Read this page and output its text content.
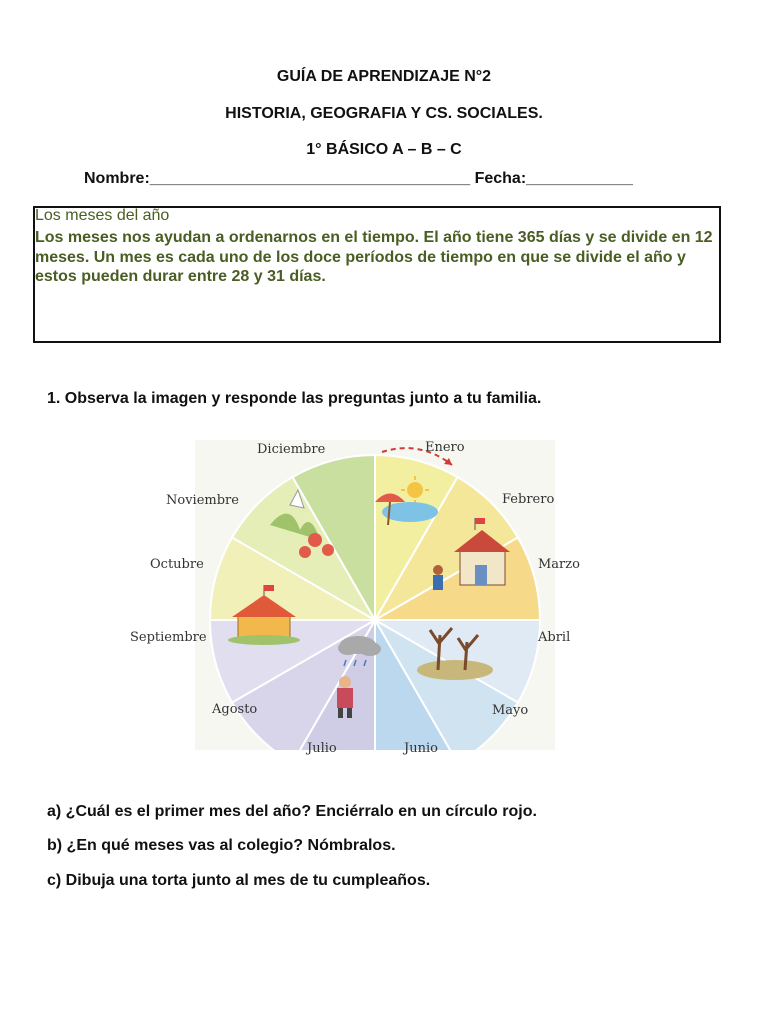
GUÍA DE APRENDIZAJE N°2
HISTORIA, GEOGRAFIA Y CS. SOCIALES.
1° BÁSICO A – B – C
Nombre:____________________________________ Fecha:____________
Los meses del año
Los meses nos ayudan a ordenarnos en el tiempo. El año tiene 365 días y se divide en 12 meses. Un mes es cada uno de los doce períodos de tiempo en que se divide el año y estos pueden durar entre 28 y 31 días.
1. Observa la imagen y responde las preguntas junto a tu familia.
Enero
Febrero
Marzo
Abril
Mayo
Junio
Julio
Agosto
Septiembre
Octubre
Noviembre
Diciembre
a) ¿Cuál es el primer mes del año? Enciérralo en un círculo rojo.
b) ¿En qué meses vas al colegio? Nómbralos.
c) Dibuja una torta junto al mes de tu cumpleaños.
